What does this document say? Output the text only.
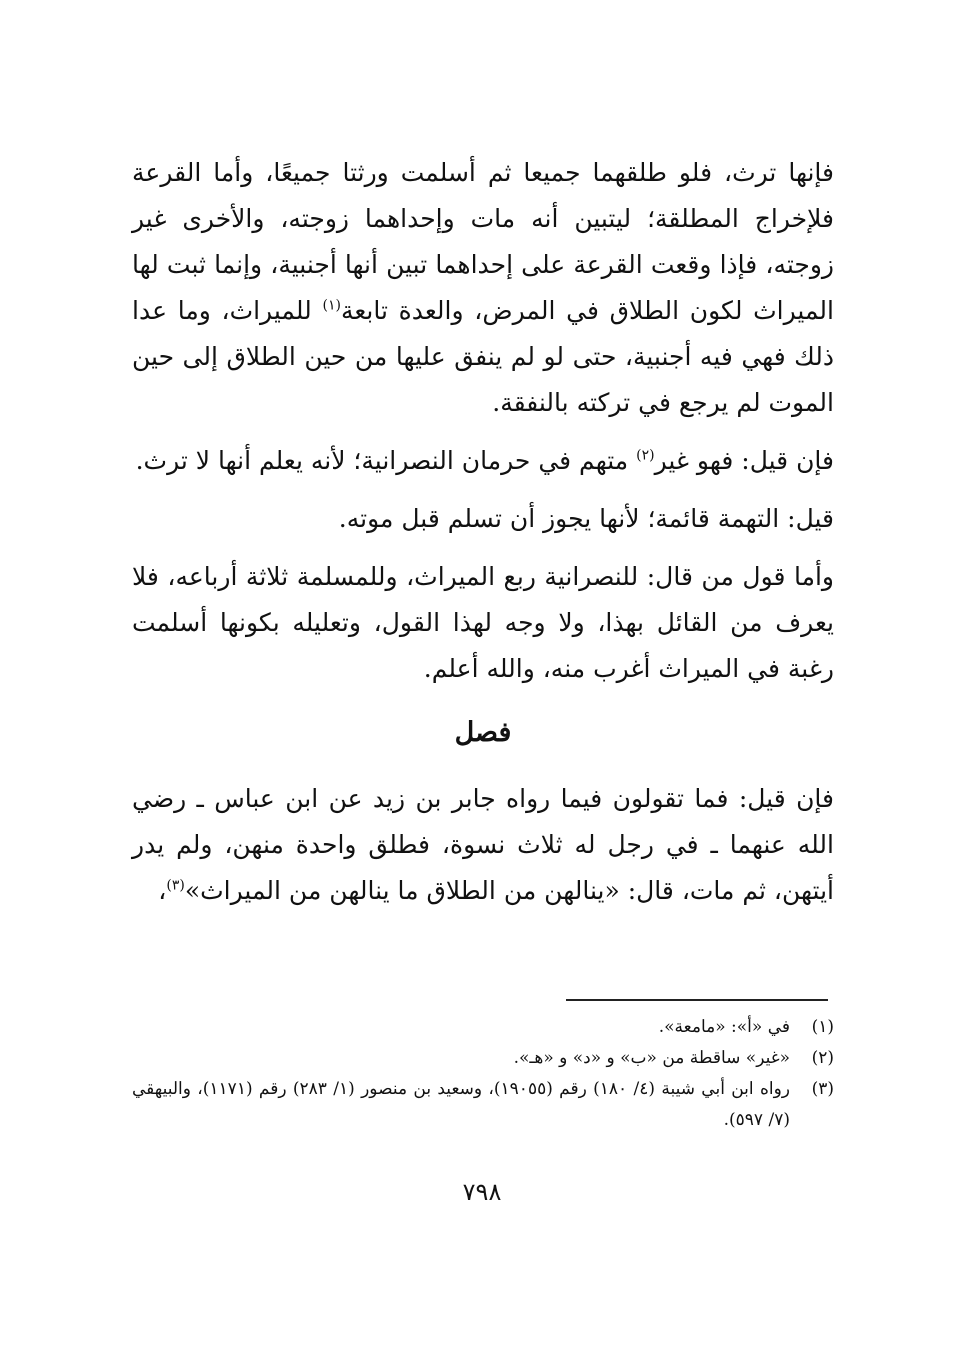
فإنها ترث، فلو طلقهما جميعا ثم أسلمت ورثتا جميعًا، وأما القرعة فلإخراج المطلقة؛ ليتبين أنه مات وإحداهما زوجته، والأخرى غير زوجته، فإذا وقعت القرعة على إحداهما تبين أنها أجنبية، وإنما ثبت لها الميراث لكون الطلاق في المرض، والعدة تابعة$^{(١)}$ للميراث، وما عدا ذلك فهي فيه أجنبية، حتى لو لم ينفق عليها من حين الطلاق إلى حين الموت لم يرجع في تركته بالنفقة.

فإن قيل: فهو غير$^{(٢)}$ متهم في حرمان النصرانية؛ لأنه يعلم أنها لا ترث.

قيل: التهمة قائمة؛ لأنها يجوز أن تسلم قبل موته.

وأما قول من قال: للنصرانية ربع الميراث، وللمسلمة ثلاثة أرباعه، فلا يعرف من القائل بهذا، ولا وجه لهذا القول، وتعليله بكونها أسلمت رغبة في الميراث أغرب منه، والله أعلم.

فصل

فإن قيل: فما تقولون فيما رواه جابر بن زيد عن ابن عباس ـ رضي الله عنهما ـ في رجل له ثلاث نسوة، فطلق واحدة منهن، ولم يدر أيتهن، ثم مات، قال: «ينالهن من الطلاق ما ينالهن من الميراث»$^{(٣)}$،

(١)
في «أ»: «مامعة».
(٢)
«غير» ساقطة من «ب» و «د» و «هـ».
(٣)
رواه ابن أبي شيبة (٤/ ١٨٠) رقم (١٩٠٥٥)، وسعيد بن منصور (١/ ٢٨٣) رقم (١١٧١)، والبيهقي (٧/ ٥٩٧).
٧٩٨
